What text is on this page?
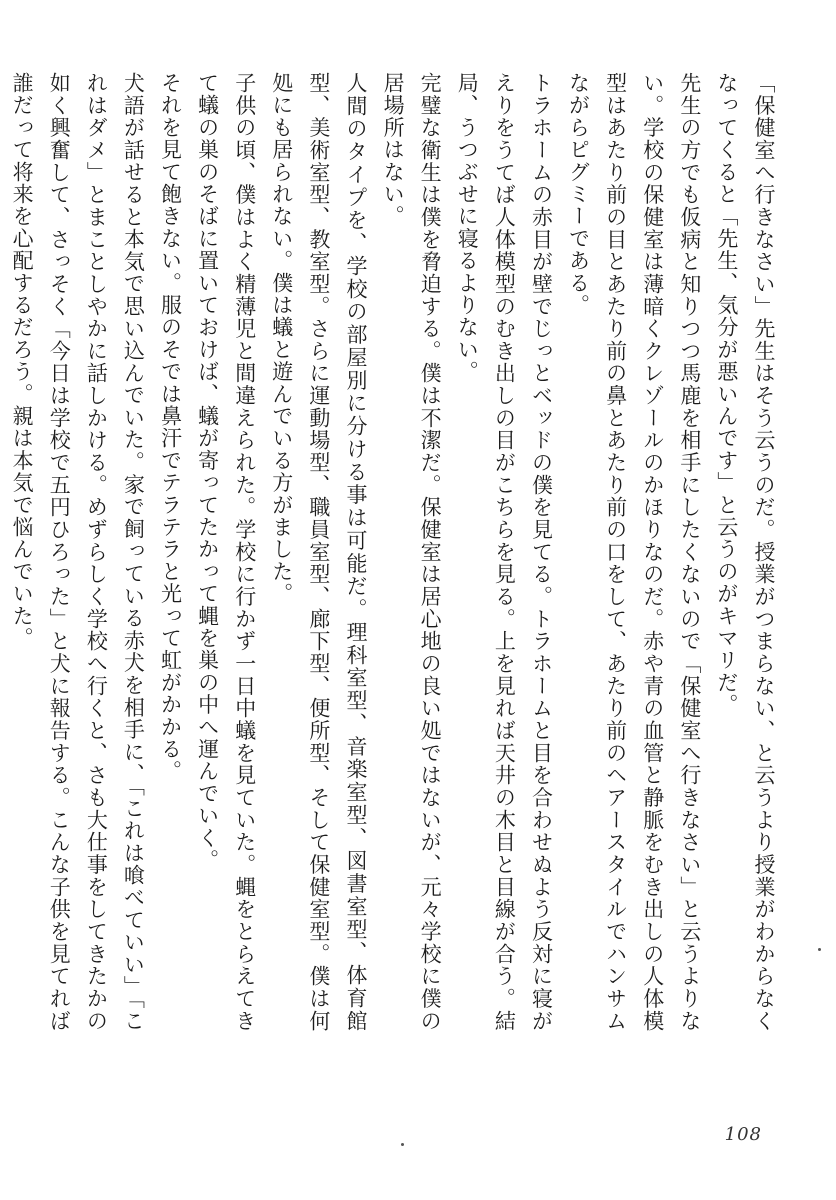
「保健室へ行きなさい」先生はそう云うのだ。授業がつまらない、と云うより授業がわからなくなってくると「先生、気分が悪いんです」と云うのがキマリだ。

先生の方でも仮病と知りつつ馬鹿を相手にしたくないので「保健室へ行きなさい」と云うよりない。学校の保健室は薄暗くクレゾールのかほりなのだ。赤や青の血管と静脈をむき出しの人体模型はあたり前の目とあたり前の鼻とあたり前の口をして、あたり前のヘアースタイルでハンサムながらピグミーである。

トラホームの赤目が壁でじっとベッドの僕を見てる。トラホームと目を合わせぬよう反対に寝がえりをうてば人体模型のむき出しの目がこちらを見る。上を見れば天井の木目と目線が合う。結局、うつぶせに寝るよりない。

完璧な衛生は僕を脅迫する。僕は不潔だ。保健室は居心地の良い処ではないが、元々学校に僕の居場所はない。

人間のタイプを、学校の部屋別に分ける事は可能だ。理科室型、音楽室型、図書室型、体育館型、美術室型、教室型。さらに運動場型、職員室型、廊下型、便所型、そして保健室型。僕は何処にも居られない。僕は蟻と遊んでいる方がました。

子供の頃、僕はよく精薄児と間違えられた。学校に行かず一日中蟻を見ていた。蝿をとらえてきて蟻の巣のそばに置いておけば、蟻が寄ってたかって蝿を巣の中へ運んでいく。

それを見て飽きない。服のそでは鼻汗でテラテラと光って虹がかかる。

犬語が話せると本気で思い込んでいた。家で飼っている赤犬を相手に、「これは喰べていい」「これはダメ」とまことしやかに話しかける。めずらしく学校へ行くと、さも大仕事をしてきたかの如く興奮して、さっそく「今日は学校で五円ひろった」と犬に報告する。こんな子供を見てれば誰だって将来を心配するだろう。親は本気で悩んでいた。

108
